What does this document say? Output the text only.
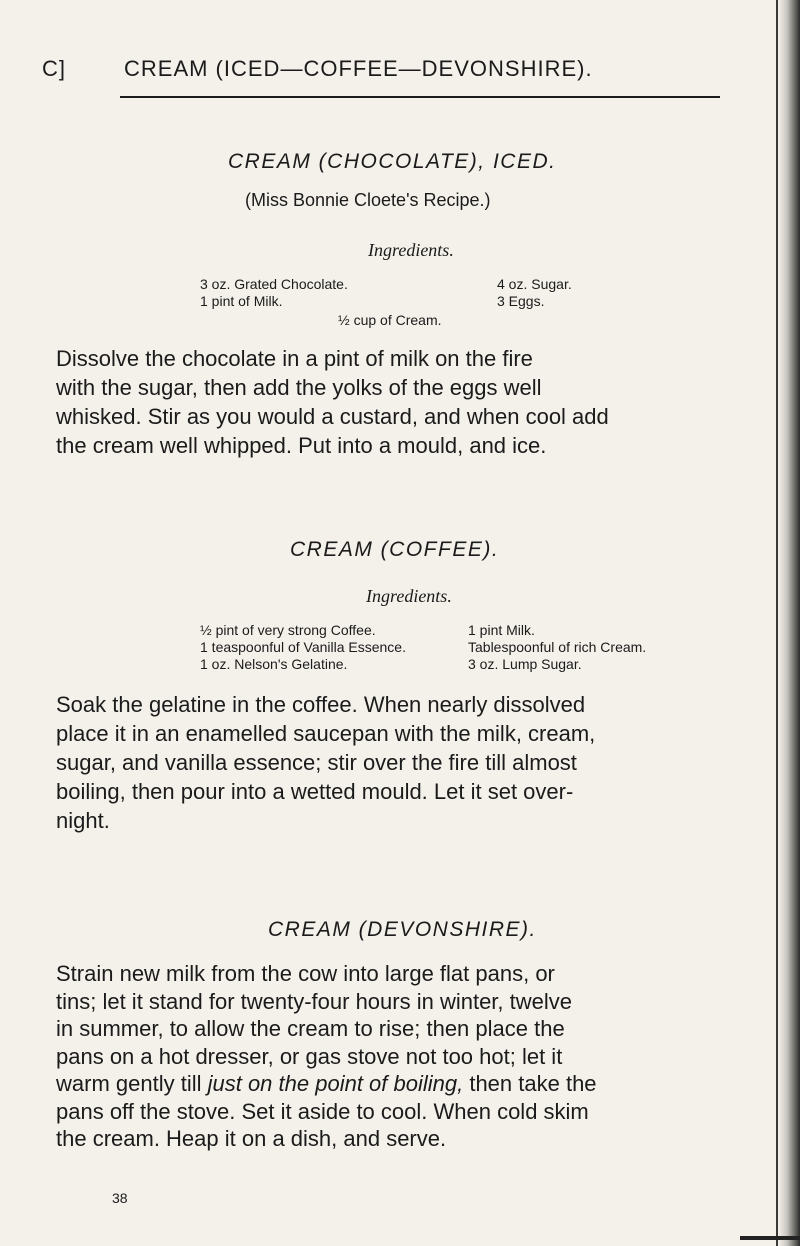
C]	CREAM (ICED—COFFEE—DEVONSHIRE).
CREAM (CHOCOLATE), ICED.
(Miss Bonnie Cloete's Recipe.)
Ingredients.
3 oz. Grated Chocolate.
1 pint of Milk.
4 oz. Sugar.
3 Eggs.
½ cup of Cream.
Dissolve the chocolate in a pint of milk on the fire
with the sugar, then add the yolks of the eggs well
whisked. Stir as you would a custard, and when cool add
the cream well whipped. Put into a mould, and ice.
CREAM (COFFEE).
Ingredients.
½ pint of very strong Coffee.
1 teaspoonful of Vanilla Essence.
1 oz. Nelson's Gelatine.
1 pint Milk.
Tablespoonful of rich Cream.
3 oz. Lump Sugar.
Soak the gelatine in the coffee. When nearly dissolved
place it in an enamelled saucepan with the milk, cream,
sugar, and vanilla essence; stir over the fire till almost
boiling, then pour into a wetted mould. Let it set over-
night.
CREAM (DEVONSHIRE).
Strain new milk from the cow into large flat pans, or
tins; let it stand for twenty-four hours in winter, twelve
in summer, to allow the cream to rise; then place the
pans on a hot dresser, or gas stove not too hot; let it
warm gently till just on the point of boiling, then take the
pans off the stove. Set it aside to cool. When cold skim
the cream. Heap it on a dish, and serve.
38
